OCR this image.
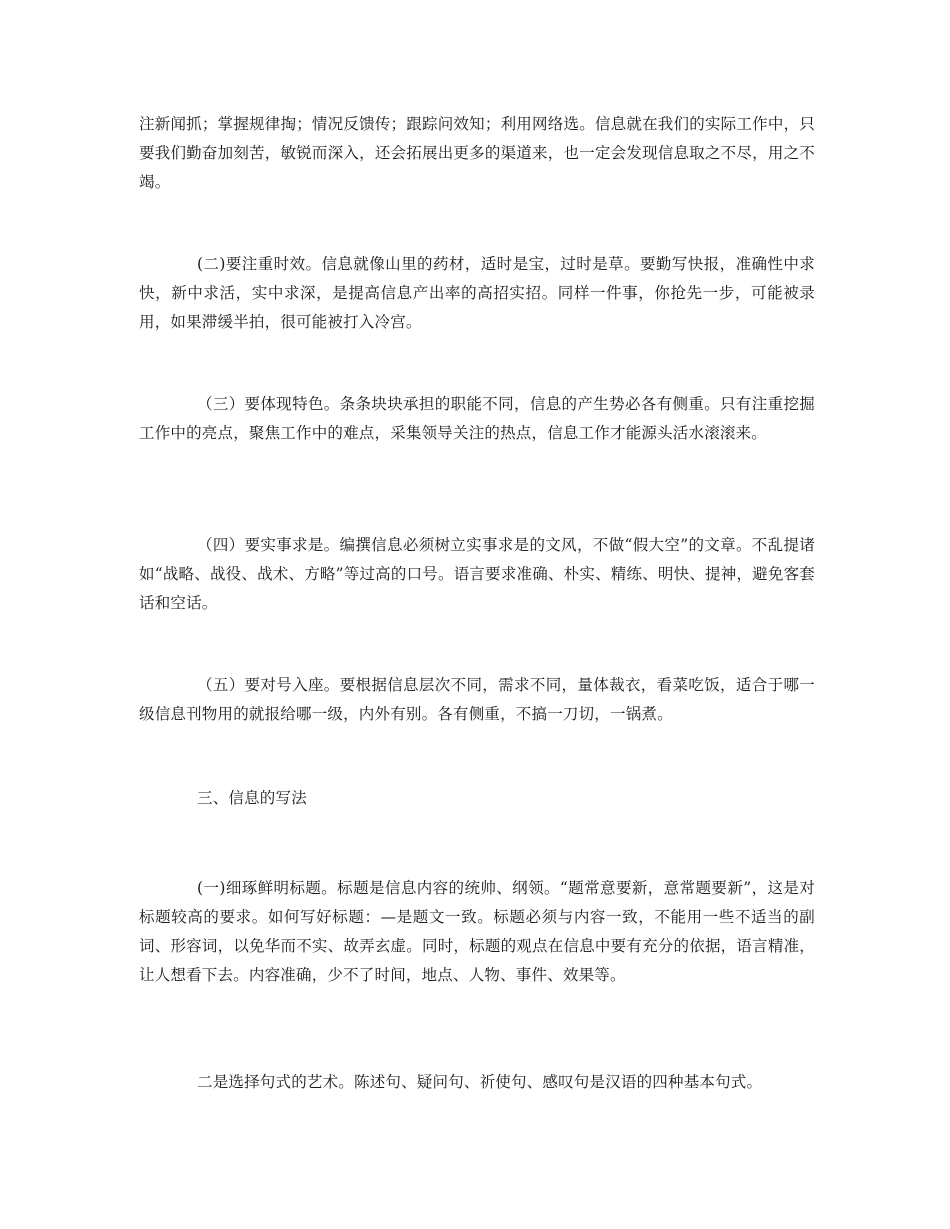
注新闻抓；掌握规律掏；情况反馈传；跟踪问效知；利用网络选。信息就在我们的实际工作中，只要我们勤奋加刻苦，敏锐而深入，还会拓展出更多的渠道来，也一定会发现信息取之不尽，用之不竭。

(二)要注重时效。信息就像山里的药材，适时是宝，过时是草。要勤写快报，准确性中求快，新中求活，实中求深，是提高信息产出率的高招实招。同样一件事，你抢先一步，可能被录用，如果滞缓半拍，很可能被打入冷宫。

（三）要体现特色。条条块块承担的职能不同，信息的产生势必各有侧重。只有注重挖掘工作中的亮点，聚焦工作中的难点，采集领导关注的热点，信息工作才能源头活水滚滚来。

（四）要实事求是。编撰信息必须树立实事求是的文风，不做“假大空”的文章。不乱提诸如“战略、战役、战术、方略”等过高的口号。语言要求准确、朴实、精练、明快、提神，避免客套话和空话。

（五）要对号入座。要根据信息层次不同，需求不同，量体裁衣，看菜吃饭，适合于哪一级信息刊物用的就报给哪一级，内外有别。各有侧重，不搞一刀切，一锅煮。

三、信息的写法

(一)细琢鲜明标题。标题是信息内容的统帅、纲领。“题常意要新，意常题要新”，这是对标题较高的要求。如何写好标题：—是题文一致。标题必须与内容一致，不能用一些不适当的副词、形容词，以免华而不实、故弄玄虚。同时，标题的观点在信息中要有充分的依据，语言精准，让人想看下去。内容准确，少不了时间，地点、人物、事件、效果等。

二是选择句式的艺术。陈述句、疑问句、祈使句、感叹句是汉语的四种基本句式。
